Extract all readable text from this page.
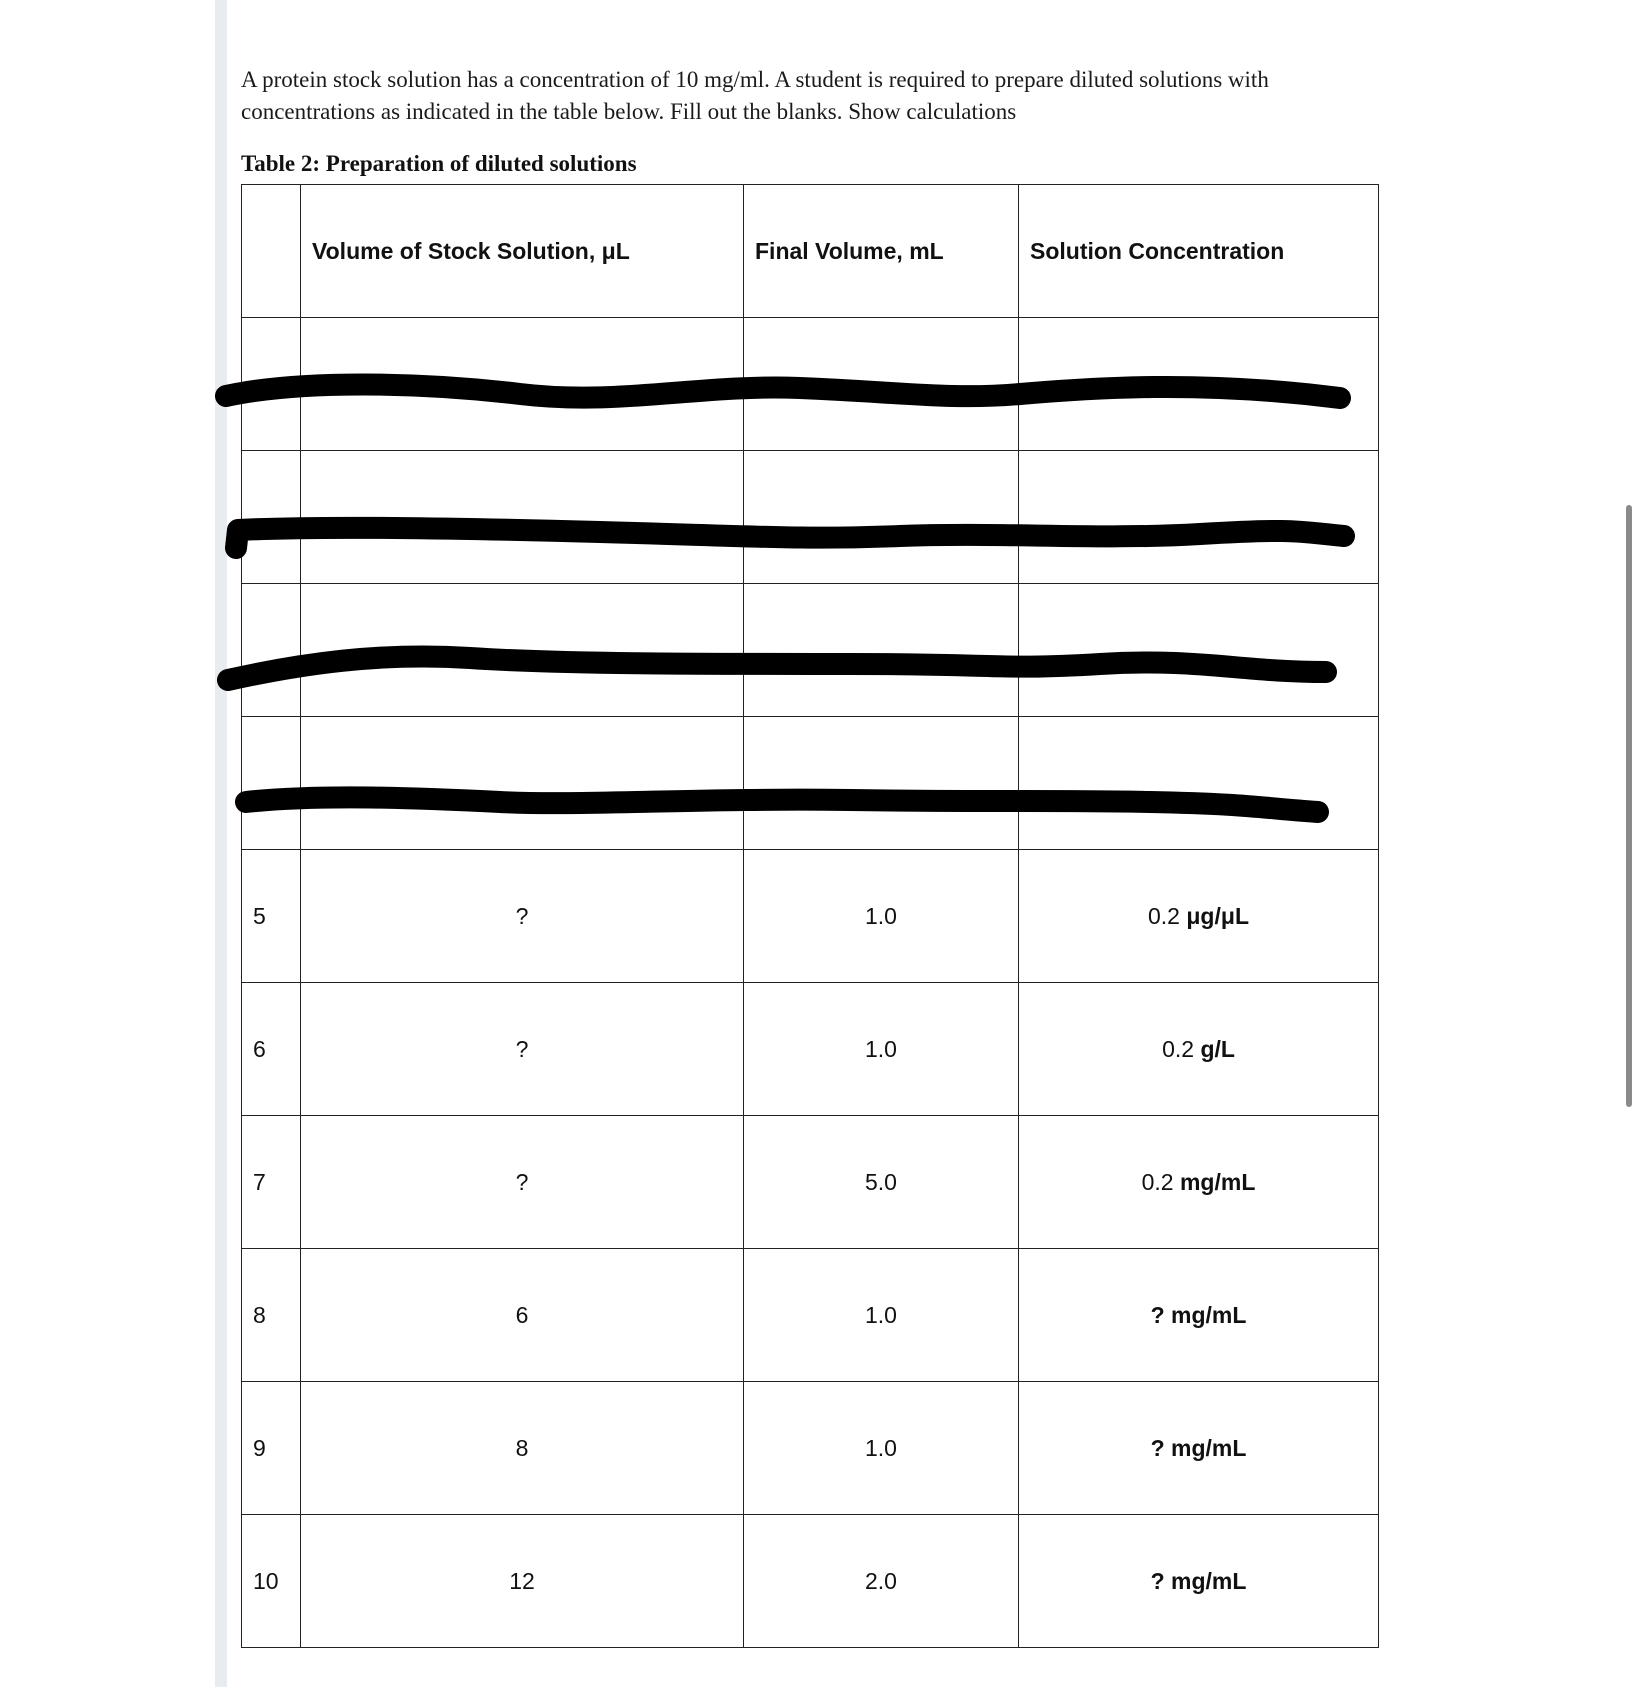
A protein stock solution has a concentration of 10 mg/ml. A student is required to prepare diluted solutions with concentrations as indicated in the table below. Fill out the blanks. Show calculations
Table 2: Preparation of diluted solutions
	Volume of Stock Solution, μL	Final Volume, mL	Solution Concentration

5	?	1.0	0.2 μg/μL
6	?	1.0	0.2 g/L
7	?	5.0	0.2 mg/mL
8	6	1.0	? mg/mL
9	8	1.0	? mg/mL
10	12	2.0	? mg/mL
